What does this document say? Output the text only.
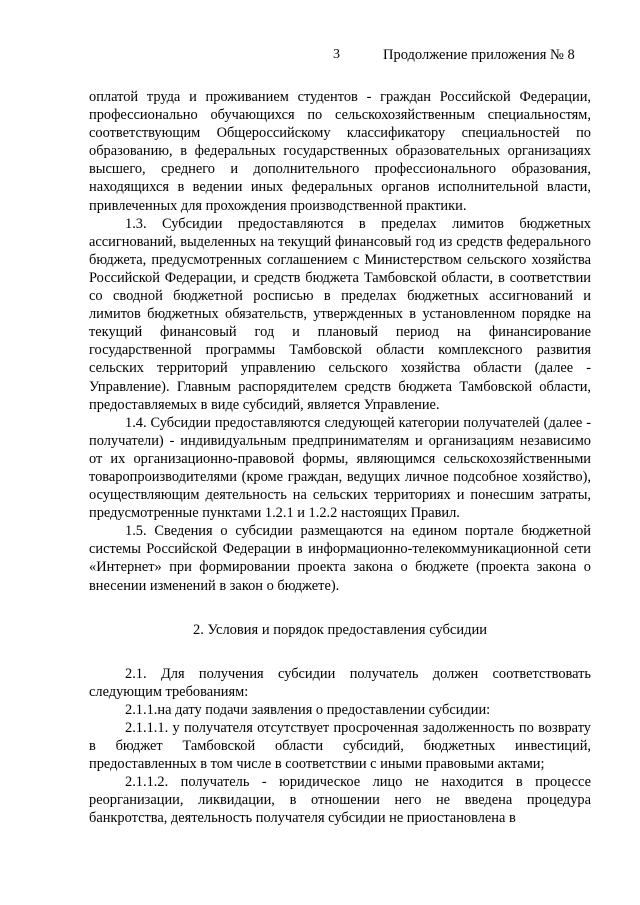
3	Продолжение приложения № 8

оплатой труда и проживанием студентов - граждан Российской Федерации, профессионально обучающихся по сельскохозяйственным специальностям, соответствующим Общероссийскому классификатору специальностей по образованию, в федеральных государственных образовательных организациях высшего, среднего и дополнительного профессионального образования, находящихся в ведении иных федеральных органов исполнительной власти, привлеченных для прохождения производственной практики.

1.3. Субсидии предоставляются в пределах лимитов бюджетных ассигнований, выделенных на текущий финансовый год из средств федерального бюджета, предусмотренных соглашением с Министерством сельского хозяйства Российской Федерации, и средств бюджета Тамбовской области, в соответствии со сводной бюджетной росписью в пределах бюджетных ассигнований и лимитов бюджетных обязательств, утвержденных в установленном порядке на текущий финансовый год и плановый период на финансирование государственной программы Тамбовской области комплексного развития сельских территорий управлению сельского хозяйства области (далее - Управление). Главным распорядителем средств бюджета Тамбовской области, предоставляемых в виде субсидий, является Управление.

1.4. Субсидии предоставляются следующей категории получателей (далее - получатели) - индивидуальным предпринимателям и организациям независимо от их организационно-правовой формы, являющимся сельскохозяйственными товаропроизводителями (кроме граждан, ведущих личное подсобное хозяйство), осуществляющим деятельность на сельских территориях и понесшим затраты, предусмотренные пунктами 1.2.1 и 1.2.2 настоящих Правил.

1.5. Сведения о субсидии размещаются на едином портале бюджетной системы Российской Федерации в информационно-телекоммуникационной сети «Интернет» при формировании проекта закона о бюджете (проекта закона о внесении изменений в закон о бюджете).

2. Условия и порядок предоставления субсидии

2.1. Для получения субсидии получатель должен соответствовать следующим требованиям:

2.1.1.на дату подачи заявления о предоставлении субсидии:

2.1.1.1. у получателя отсутствует просроченная задолженность по возврату в бюджет Тамбовской области субсидий, бюджетных инвестиций, предоставленных в том числе в соответствии с иными правовыми актами;

2.1.1.2. получатель - юридическое лицо не находится в процессе реорганизации, ликвидации, в отношении него не введена процедура банкротства, деятельность получателя субсидии не приостановлена в
